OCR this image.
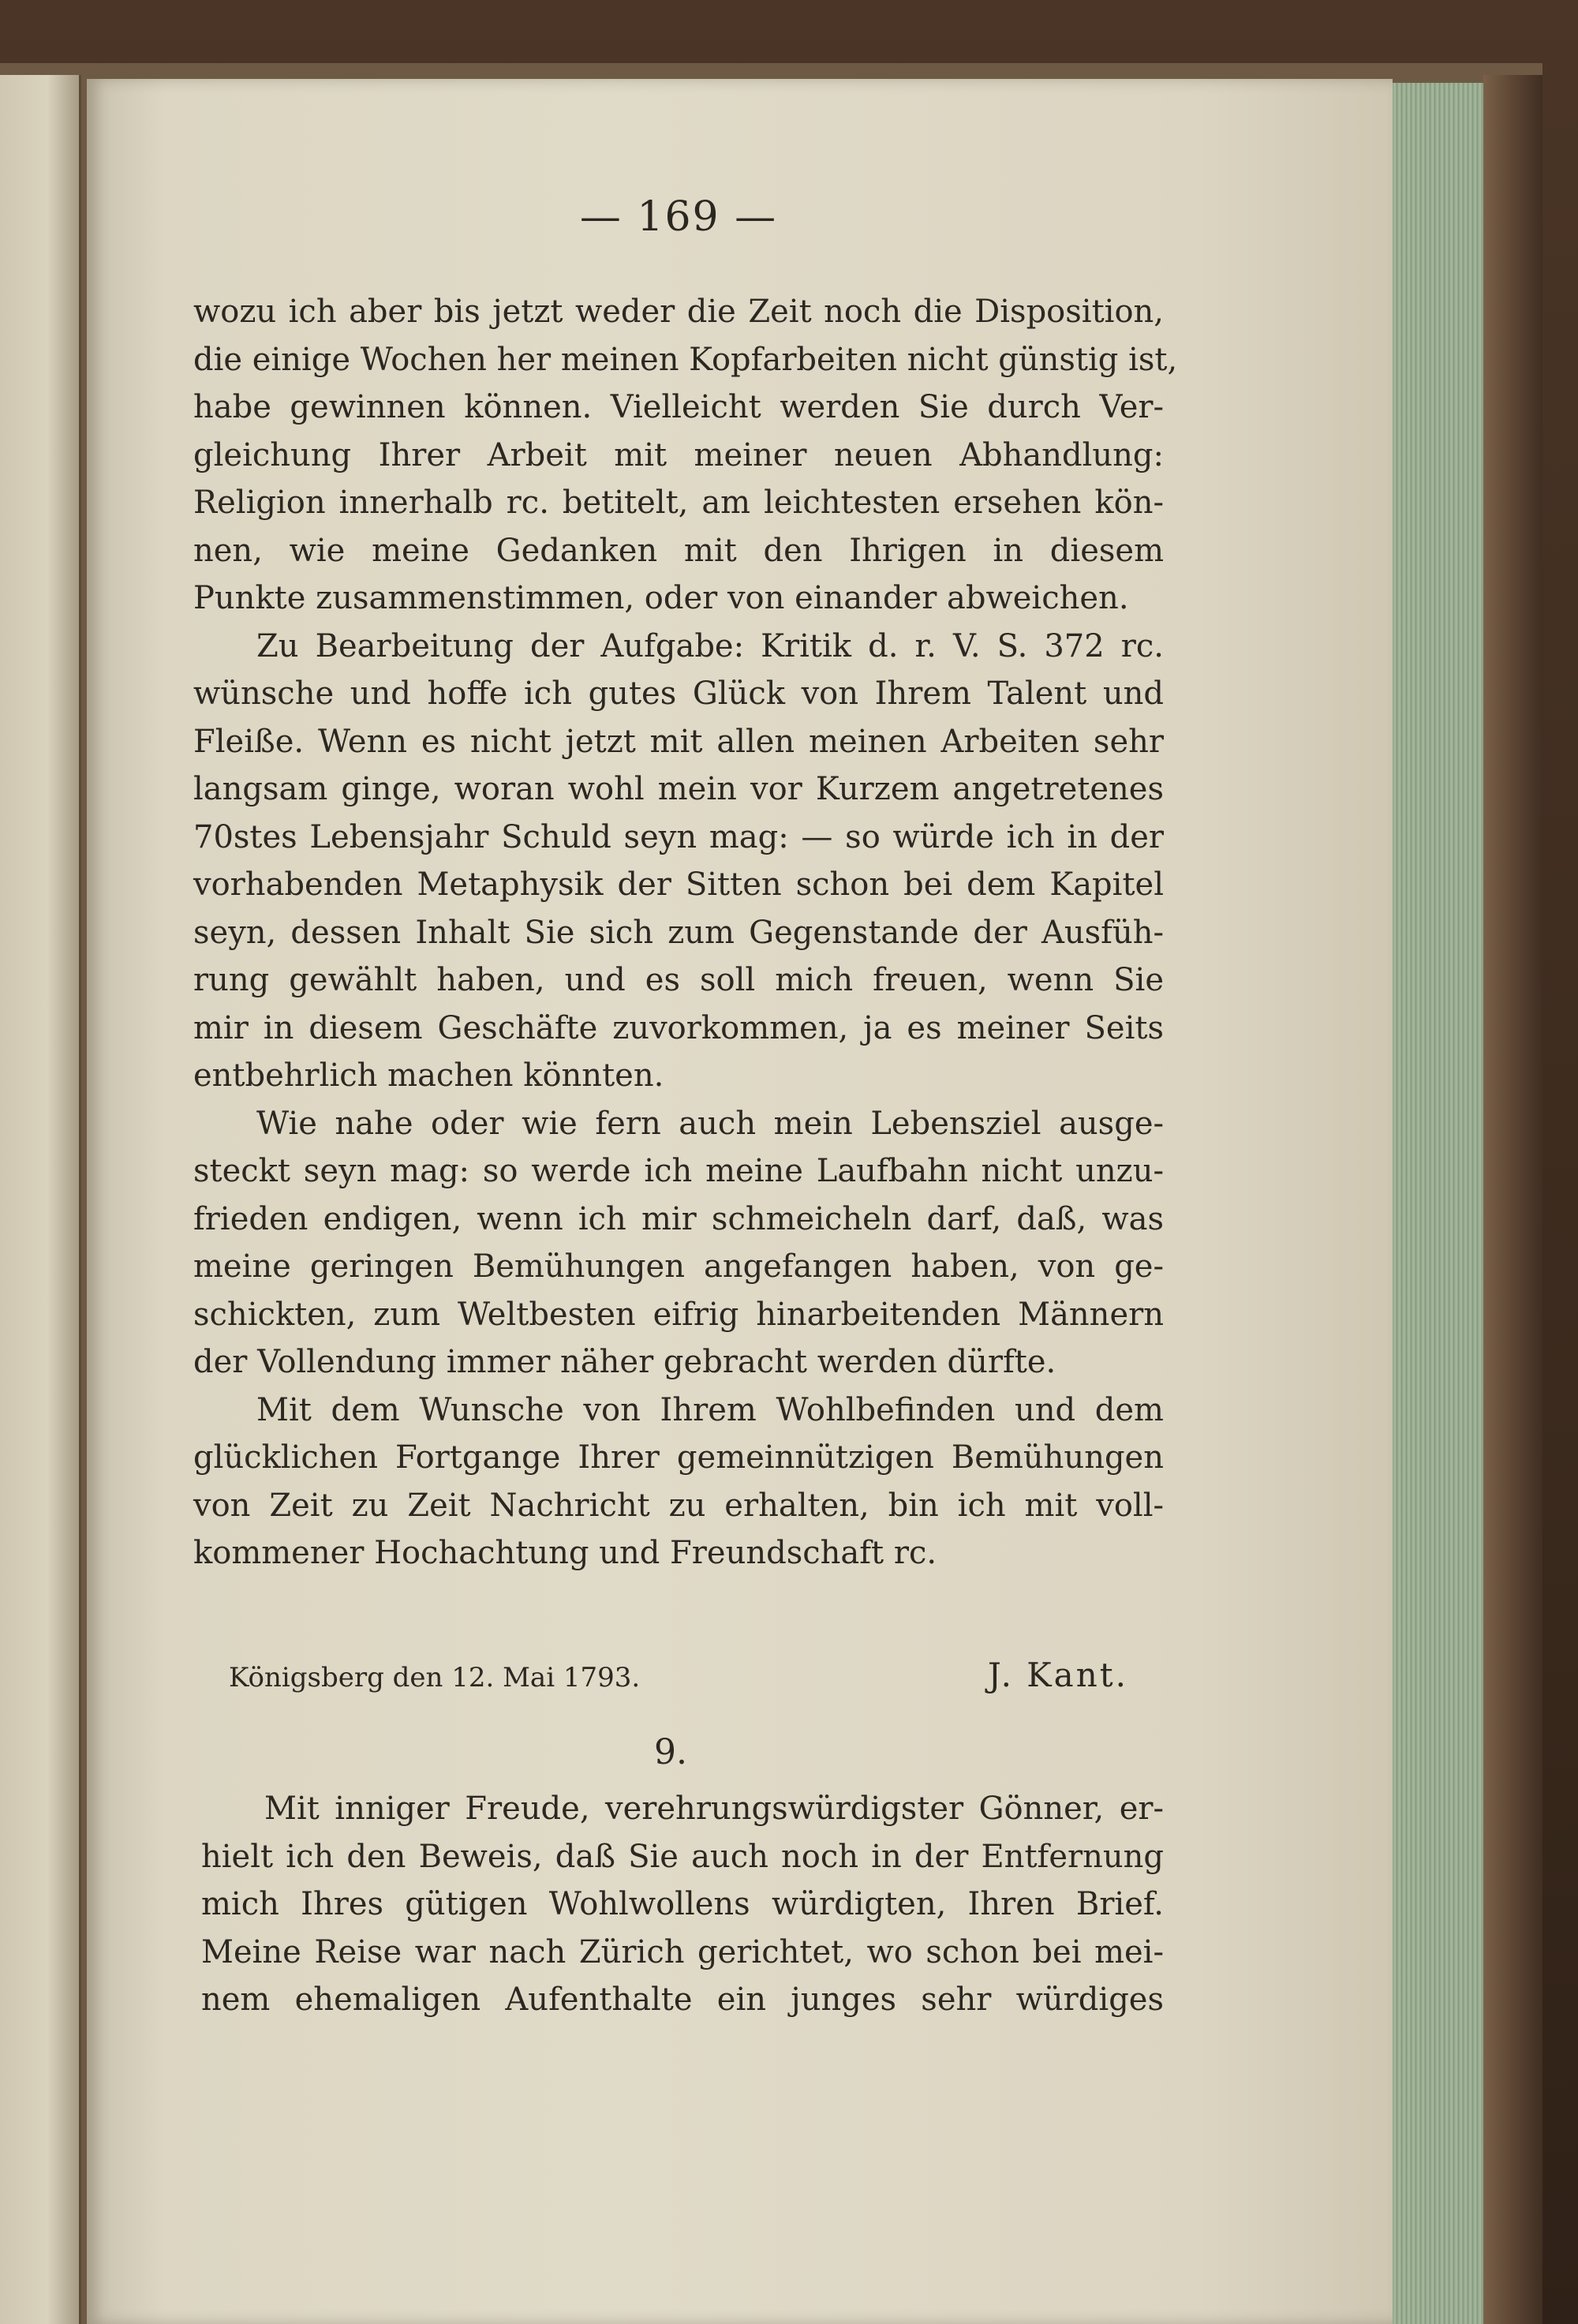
— 169 —
wozu ich aber bis jetzt weder die Zeit noch die Disposition,
die einige Wochen her meinen Kopfarbeiten nicht günstig ist,
habe gewinnen können. Vielleicht werden Sie durch Ver-
gleichung Ihrer Arbeit mit meiner neuen Abhandlung:
Religion innerhalb rc. betitelt, am leichtesten ersehen kön-
nen, wie meine Gedanken mit den Ihrigen in diesem
Punkte zusammenstimmen, oder von einander abweichen.
Zu Bearbeitung der Aufgabe: Kritik d. r. V. S. 372 rc.
wünsche und hoffe ich gutes Glück von Ihrem Talent und
Fleiße. Wenn es nicht jetzt mit allen meinen Arbeiten sehr
langsam ginge, woran wohl mein vor Kurzem angetretenes
70stes Lebensjahr Schuld seyn mag: — so würde ich in der
vorhabenden Metaphysik der Sitten schon bei dem Kapitel
seyn, dessen Inhalt Sie sich zum Gegenstande der Ausfüh-
rung gewählt haben, und es soll mich freuen, wenn Sie
mir in diesem Geschäfte zuvorkommen, ja es meiner Seits
entbehrlich machen könnten.
Wie nahe oder wie fern auch mein Lebensziel ausge-
steckt seyn mag: so werde ich meine Laufbahn nicht unzu-
frieden endigen, wenn ich mir schmeicheln darf, daß, was
meine geringen Bemühungen angefangen haben, von ge-
schickten, zum Weltbesten eifrig hinarbeitenden Männern
der Vollendung immer näher gebracht werden dürfte.
Mit dem Wunsche von Ihrem Wohlbefinden und dem
glücklichen Fortgange Ihrer gemeinnützigen Bemühungen
von Zeit zu Zeit Nachricht zu erhalten, bin ich mit voll-
kommener Hochachtung und Freundschaft rc.
Königsberg den 12. Mai 1793.	J. Kant.
9.
Mit inniger Freude, verehrungswürdigster Gönner, er-
hielt ich den Beweis, daß Sie auch noch in der Entfernung
mich Ihres gütigen Wohlwollens würdigten, Ihren Brief.
Meine Reise war nach Zürich gerichtet, wo schon bei mei-
nem ehemaligen Aufenthalte ein junges sehr würdiges
